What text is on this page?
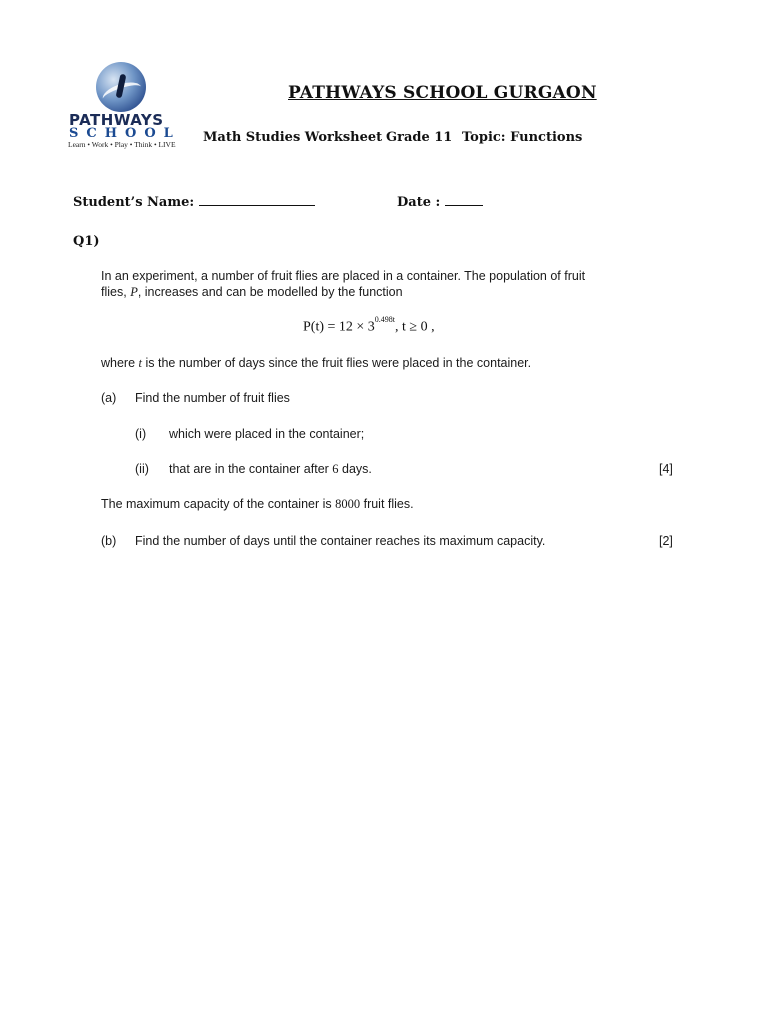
PATHWAYS
SCHOOL
Learn • Work • Play • Think • LIVE
PATHWAYS SCHOOL GURGAON
Math Studies Worksheet Grade 11 Topic: Functions
Student’s Name:	Date :
Q1)
In an experiment, a number of fruit flies are placed in a container. The population of fruit
flies, P, increases and can be modelled by the function
$P(t) = 12 \times 3^{0.498t}$, t ≥ 0 ,
where t is the number of days since the fruit flies were placed in the container.
(a) Find the number of fruit flies
(i) which were placed in the container;
(ii) that are in the container after 6 days.	[4]
The maximum capacity of the container is 8000 fruit flies.
(b) Find the number of days until the container reaches its maximum capacity.	[2]
